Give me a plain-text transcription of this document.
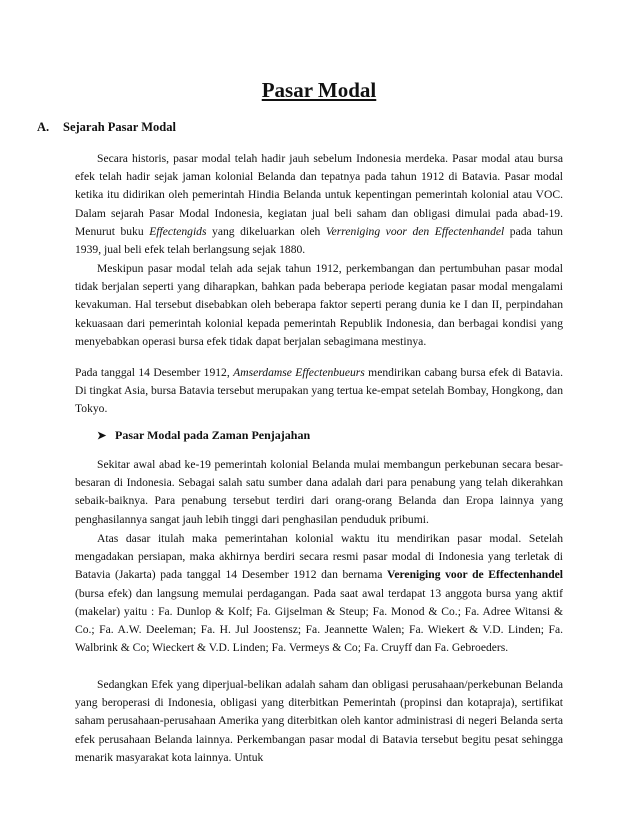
Pasar Modal
A. Sejarah Pasar Modal

Secara historis, pasar modal telah hadir jauh sebelum Indonesia merdeka. Pasar modal atau bursa efek telah hadir sejak jaman kolonial Belanda dan tepatnya pada tahun 1912 di Batavia. Pasar modal ketika itu didirikan oleh pemerintah Hindia Belanda untuk kepentingan pemerintah kolonial atau VOC. Dalam sejarah Pasar Modal Indonesia, kegiatan jual beli saham dan obligasi dimulai pada abad-19. Menurut buku Effectengids yang dikeluarkan oleh Verreniging voor den Effectenhandel pada tahun 1939, jual beli efek telah berlangsung sejak 1880.

Meskipun pasar modal telah ada sejak tahun 1912, perkembangan dan pertumbuhan pasar modal tidak berjalan seperti yang diharapkan, bahkan pada beberapa periode kegiatan pasar modal mengalami kevakuman. Hal tersebut disebabkan oleh beberapa faktor seperti perang dunia ke I dan II, perpindahan kekuasaan dari pemerintah kolonial kepada pemerintah Republik Indonesia, dan berbagai kondisi yang menyebabkan operasi bursa efek tidak dapat berjalan sebagimana mestinya.

Pada tanggal 14 Desember 1912, Amserdamse Effectenbueurs mendirikan cabang bursa efek di Batavia. Di tingkat Asia, bursa Batavia tersebut merupakan yang tertua ke-empat setelah Bombay, Hongkong, dan Tokyo.

➤ Pasar Modal pada Zaman Penjajahan

Sekitar awal abad ke-19 pemerintah kolonial Belanda mulai membangun perkebunan secara besar-besaran di Indonesia. Sebagai salah satu sumber dana adalah dari para penabung yang telah dikerahkan sebaik-baiknya. Para penabung tersebut terdiri dari orang-orang Belanda dan Eropa lainnya yang penghasilannya sangat jauh lebih tinggi dari penghasilan penduduk pribumi.

Atas dasar itulah maka pemerintahan kolonial waktu itu mendirikan pasar modal. Setelah mengadakan persiapan, maka akhirnya berdiri secara resmi pasar modal di Indonesia yang terletak di Batavia (Jakarta) pada tanggal 14 Desember 1912 dan bernama Vereniging voor de Effectenhandel (bursa efek) dan langsung memulai perdagangan. Pada saat awal terdapat 13 anggota bursa yang aktif (makelar) yaitu : Fa. Dunlop & Kolf; Fa. Gijselman & Steup; Fa. Monod & Co.; Fa. Adree Witansi & Co.; Fa. A.W. Deeleman; Fa. H. Jul Joostensz; Fa. Jeannette Walen; Fa. Wiekert & V.D. Linden; Fa. Walbrink & Co; Wieckert & V.D. Linden; Fa. Vermeys & Co; Fa. Cruyff dan Fa. Gebroeders.

Sedangkan Efek yang diperjual-belikan adalah saham dan obligasi perusahaan/perkebunan Belanda yang beroperasi di Indonesia, obligasi yang diterbitkan Pemerintah (propinsi dan kotapraja), sertifikat saham perusahaan-perusahaan Amerika yang diterbitkan oleh kantor administrasi di negeri Belanda serta efek perusahaan Belanda lainnya. Perkembangan pasar modal di Batavia tersebut begitu pesat sehingga menarik masyarakat kota lainnya. Untuk
